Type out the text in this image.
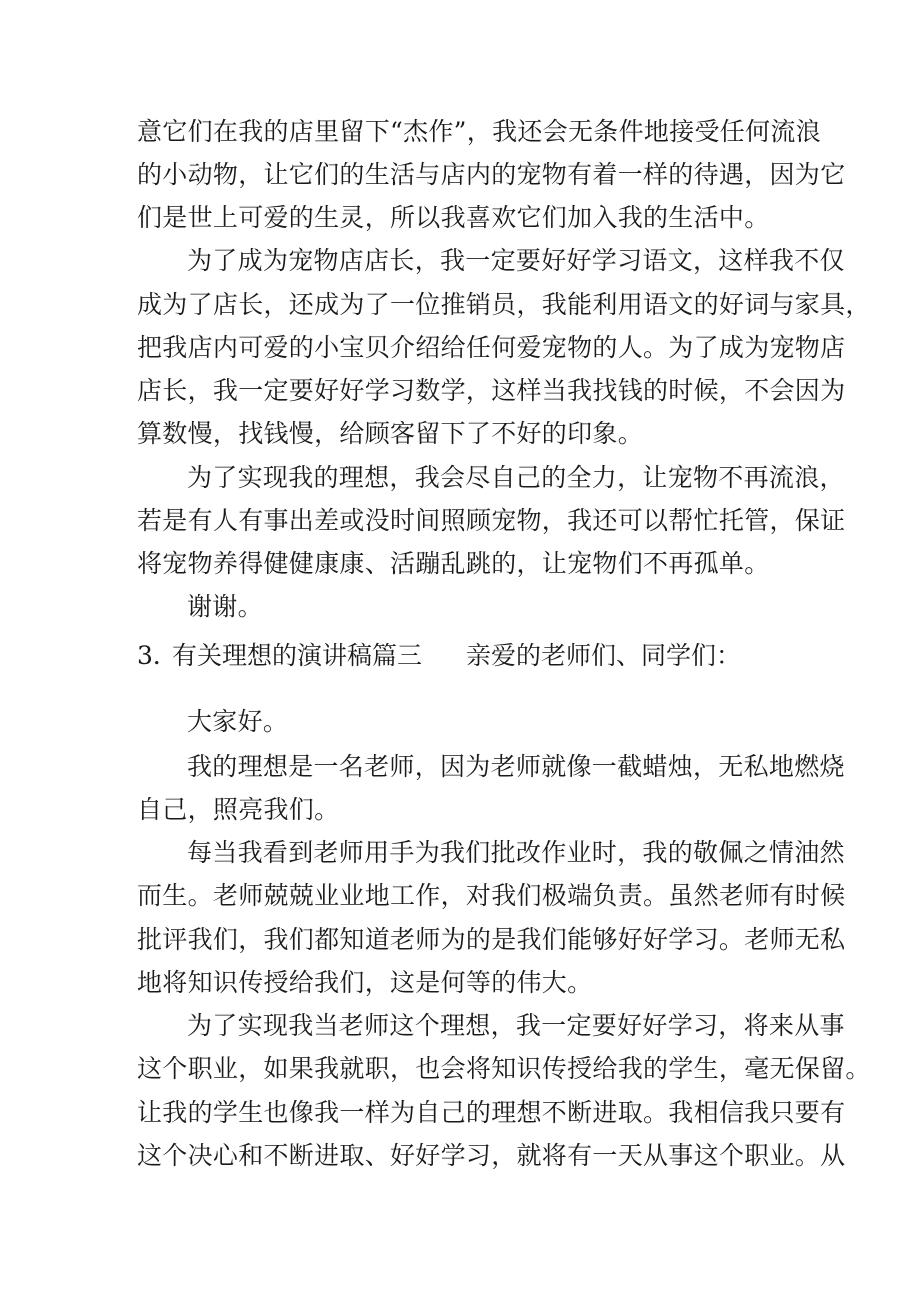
意它们在我的店里留下“杰作”，我还会无条件地接受任何流浪
的小动物，让它们的生活与店内的宠物有着一样的待遇，因为它
们是世上可爱的生灵，所以我喜欢它们加入我的生活中。
为了成为宠物店店长，我一定要好好学习语文，这样我不仅
成为了店长，还成为了一位推销员，我能利用语文的好词与家具，
把我店内可爱的小宝贝介绍给任何爱宠物的人。为了成为宠物店
店长，我一定要好好学习数学，这样当我找钱的时候，不会因为
算数慢，找钱慢，给顾客留下了不好的印象。
为了实现我的理想，我会尽自己的全力，让宠物不再流浪，
若是有人有事出差或没时间照顾宠物，我还可以帮忙托管，保证
将宠物养得健健康康、活蹦乱跳的，让宠物们不再孤单。
谢谢。
3．
有关理想的演讲稿篇三 亲爱的老师们、同学们：
大家好。
我的理想是一名老师，因为老师就像一截蜡烛，无私地燃烧
自己，照亮我们。
每当我看到老师用手为我们批改作业时，我的敬佩之情油然
而生。老师兢兢业业地工作，对我们极端负责。虽然老师有时候
批评我们，我们都知道老师为的是我们能够好好学习。老师无私
地将知识传授给我们，这是何等的伟大。
为了实现我当老师这个理想，我一定要好好学习，将来从事
这个职业，如果我就职，也会将知识传授给我的学生，毫无保留。
让我的学生也像我一样为自己的理想不断进取。我相信我只要有
这个决心和不断进取、好好学习，就将有一天从事这个职业。从
